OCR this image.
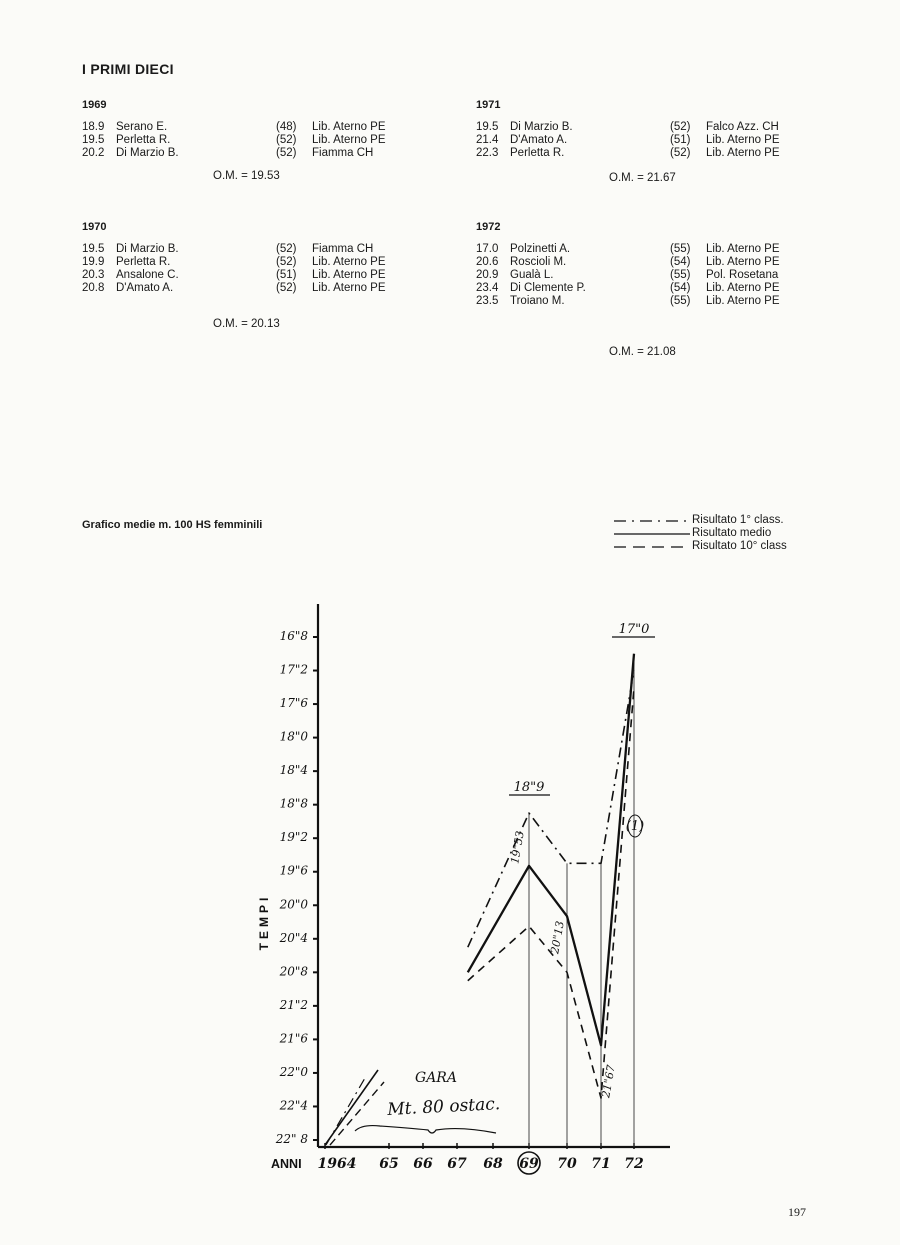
I PRIMI DIECI
1969
18.9	Serano E.	(48)	Lib. Aterno PE
19.5	Perletta R.	(52)	Lib. Aterno PE
20.2	Di Marzio B.	(52)	Fiamma CH
O.M. = 19.53
1971
19.5	Di Marzio B.	(52)	Falco Azz. CH
21.4	D'Amato A.	(51)	Lib. Aterno PE
22.3	Perletta R.	(52)	Lib. Aterno PE
O.M. = 21.67
1970
19.5	Di Marzio B.	(52)	Fiamma CH
19.9	Perletta R.	(52)	Lib. Aterno PE
20.3	Ansalone C.	(51)	Lib. Aterno PE
20.8	D'Amato A.	(52)	Lib. Aterno PE
O.M. = 20.13
1972
17.0	Polzinetti A.	(55)	Lib. Aterno PE
20.6	Roscioli M.	(54)	Lib. Aterno PE
20.9	Gualà L.	(55)	Pol. Rosetana
23.4	Di Clemente P.	(54)	Lib. Aterno PE
23.5	Troiano M.	(55)	Lib. Aterno PE
O.M. = 21.08
Grafico medie m. 100 HS femminili	Risultato 1° class.
Risultato medio
Risultato 10° class
16"8
17"2
17"6
18"0
18"4
18"8
19"2
19"6
20"0
20"4
20"8
21"2
21"6
22"0
22"4
22" 8
TEMPI
ANNI 1964 65 66 67 68 69 70 71 72
18"9
17"0
19"53
20"13
21"67
(1)
GARA
Mt. 80 ostac.
197
